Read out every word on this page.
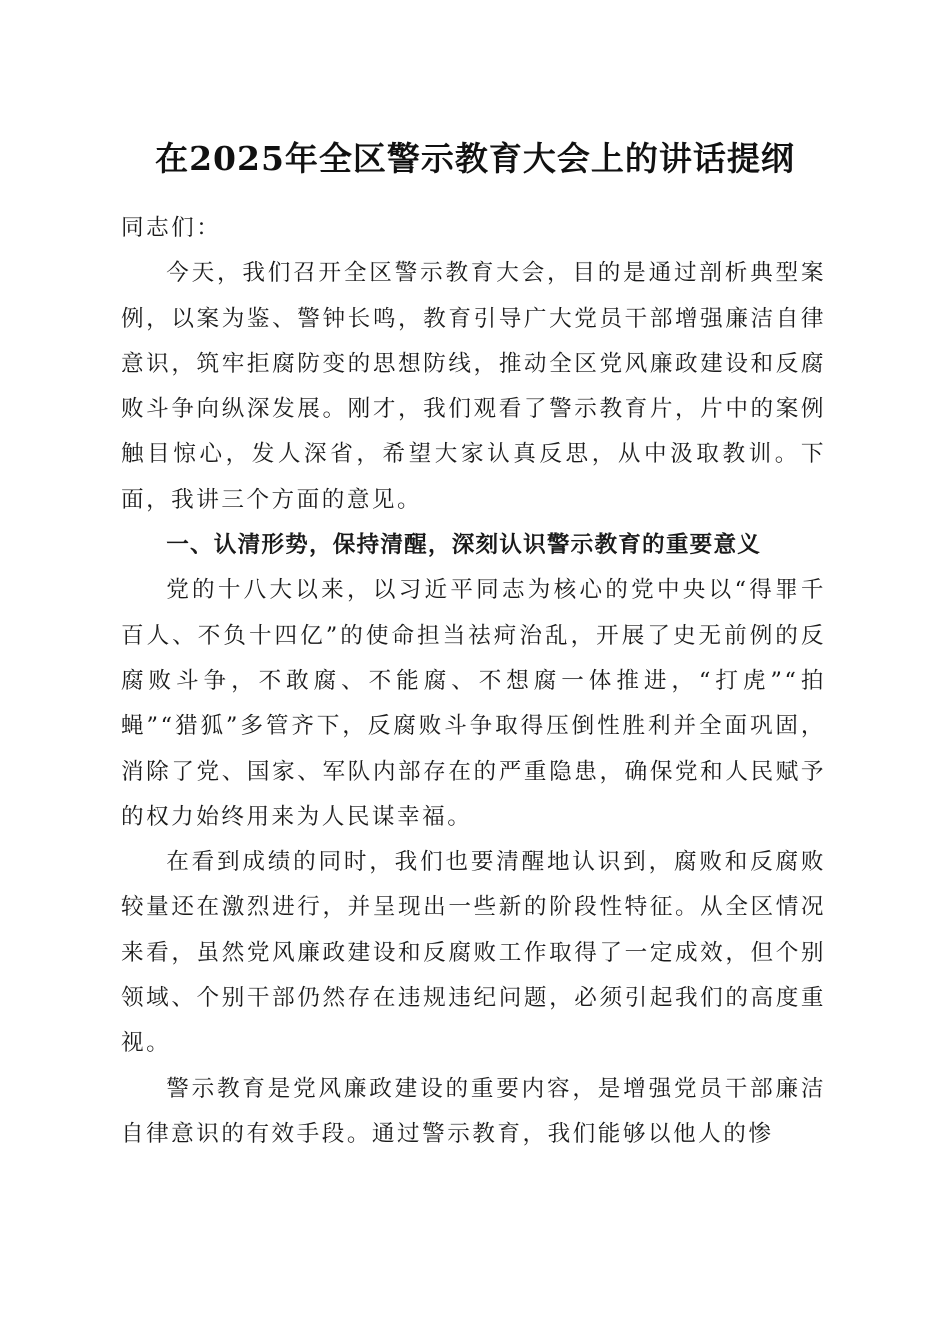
在2025年全区警示教育大会上的讲话提纲

同志们：

今天，我们召开全区警示教育大会，目的是通过剖析典型案例，以案为鉴、警钟长鸣，教育引导广大党员干部增强廉洁自律意识，筑牢拒腐防变的思想防线，推动全区党风廉政建设和反腐败斗争向纵深发展。刚才，我们观看了警示教育片，片中的案例触目惊心，发人深省，希望大家认真反思，从中汲取教训。下面，我讲三个方面的意见。

一、认清形势，保持清醒，深刻认识警示教育的重要意义

党的十八大以来，以习近平同志为核心的党中央以“得罪千百人、不负十四亿”的使命担当祛疴治乱，开展了史无前例的反腐败斗争，不敢腐、不能腐、不想腐一体推进，“打虎”“拍蝇”“猎狐”多管齐下，反腐败斗争取得压倒性胜利并全面巩固，消除了党、国家、军队内部存在的严重隐患，确保党和人民赋予的权力始终用来为人民谋幸福。

在看到成绩的同时，我们也要清醒地认识到，腐败和反腐败较量还在激烈进行，并呈现出一些新的阶段性特征。从全区情况来看，虽然党风廉政建设和反腐败工作取得了一定成效，但个别领域、个别干部仍然存在违规违纪问题，必须引起我们的高度重视。

警示教育是党风廉政建设的重要内容，是增强党员干部廉洁自律意识的有效手段。通过警示教育，我们能够以他人的惨
